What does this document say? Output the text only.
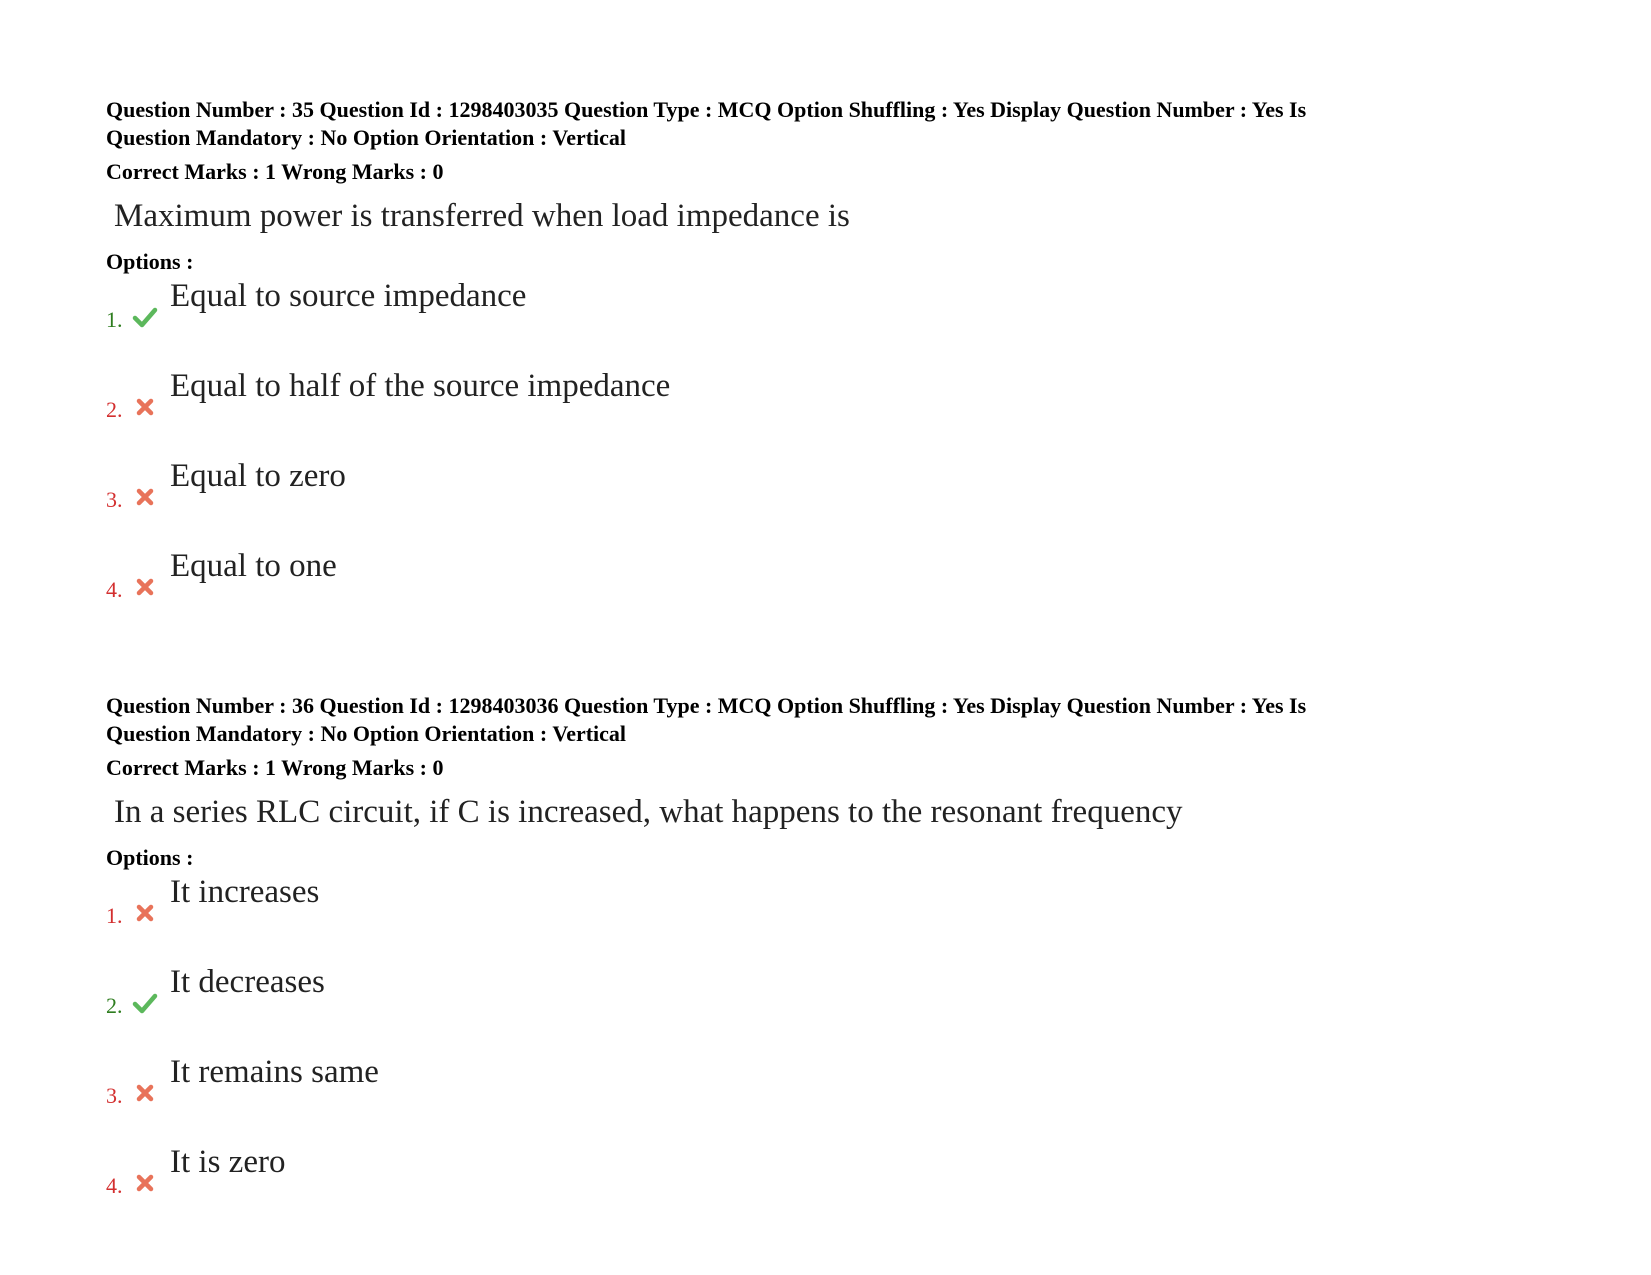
Question Number : 35 Question Id : 1298403035 Question Type : MCQ Option Shuffling : Yes Display Question Number : Yes Is
Question Mandatory : No Option Orientation : Vertical
Correct Marks : 1 Wrong Marks : 0
Maximum power is transferred when load impedance is
Options :
1.
Equal to source impedance
2.
Equal to half of the source impedance
3.
Equal to zero
4.
Equal to one
Question Number : 36 Question Id : 1298403036 Question Type : MCQ Option Shuffling : Yes Display Question Number : Yes Is
Question Mandatory : No Option Orientation : Vertical
Correct Marks : 1 Wrong Marks : 0
In a series RLC circuit, if C is increased, what happens to the resonant frequency
Options :
1.
It increases
2.
It decreases
3.
It remains same
4.
It is zero
